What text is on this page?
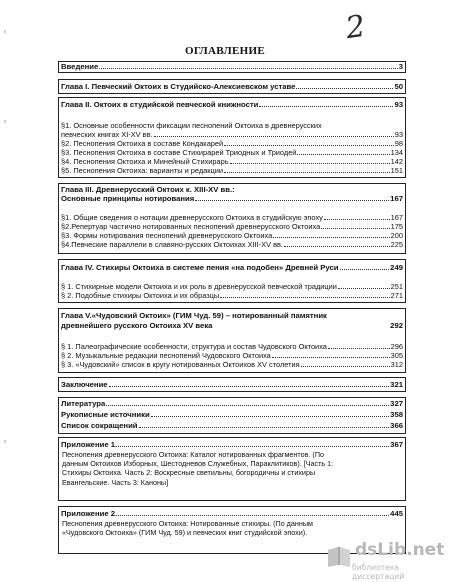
2
ОГЛАВЛЕНИЕ
Введение	3
Глава I. Певческий Октоих в Студийско-Алексиевском уставе	50
Глава II. Октоих в студийской певческой книжности	93
§1. Основные особенности фиксации песнопений Октоиха в древнерусских
певческих книгах XI-XV вв.	93
§2. Песнопения Октоиха в составе Кондакарей	98
§3. Песнопения Октоиха в составе Стихирарей Триодных и Триодей	134
§4. Песнопения Октоиха и Минейный Стихирарь	142
§5. Песнопения Октоиха: варианты и редакции	151
Глава III. Древнерусский Октоих к. XIII-XV вв.:
Основные принципы нотирования	167
§1. Общие сведения о нотации древнерусского Октоиха в студийскую эпоху	167
§2.Репертуар частично нотированных песнопений древнерусского Октоиха	175
§3. Формы нотирования песнопений древнерусского Октоиха	200
§4.Певческие параллели в славяно-русских Октоихах XIII-XV вв.	225
Глава IV. Стихиры Октоиха в системе пения «на подобен» Древней Руси	249
§ 1. Стихирные модели Октоиха и их роль в древнерусской певческой традиции	251
§ 2. Подобные стихиры Октоиха и их образцы	271
Глава V.«Чудовский Октоих» (ГИМ Чуд. 59) – нотированный памятник
древнейшего русского Октоиха XV века	292
§ 1. Палеографические особенности, структура и состав Чудовского Октоиха	296
§ 2. Музыкальные редакции песнопений Чудовского Октоиха	305
§ 3. «Чудовский» список в кругу нотированных Октоихов XV столетия	312
Заключение	321
Литература	327
Рукописные источники	358
Список сокращений	366
Приложение 1.	367
Песнопения древнерусского Октоиха: Каталог нотированных фрагментов. (По
данным Октоихов Изборных, Шестодневов Служебных, Параклитиков). [Часть 1:
Стихиры Октоиха. Часть 2: Воскресные светильны, богородичны и стихиры
Евангельские. Часть 3: Каноны]
Приложение 2.	445
Песнопения древнерусского Октоиха: Нотированные стихиры. (По данным
«Чудовского Октоиха» (ГИМ Чуд. 59) и певческих книг студийской эпохи).
dsLib.net
библиотека диссертаций
